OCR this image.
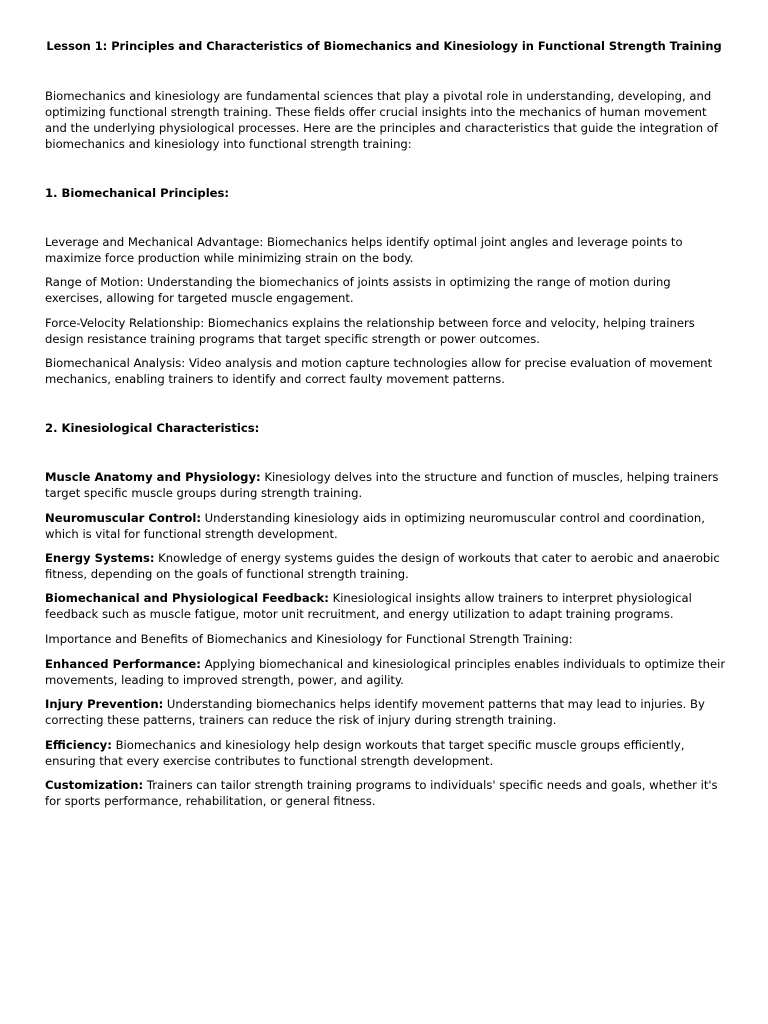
Lesson 1: Principles and Characteristics of Biomechanics and Kinesiology in Functional Strength Training

Biomechanics and kinesiology are fundamental sciences that play a pivotal role in understanding, developing, and optimizing functional strength training. These fields offer crucial insights into the mechanics of human movement and the underlying physiological processes. Here are the principles and characteristics that guide the integration of biomechanics and kinesiology into functional strength training:

1. Biomechanical Principles:

Leverage and Mechanical Advantage: Biomechanics helps identify optimal joint angles and leverage points to maximize force production while minimizing strain on the body.

Range of Motion: Understanding the biomechanics of joints assists in optimizing the range of motion during exercises, allowing for targeted muscle engagement.

Force-Velocity Relationship: Biomechanics explains the relationship between force and velocity, helping trainers design resistance training programs that target specific strength or power outcomes.

Biomechanical Analysis: Video analysis and motion capture technologies allow for precise evaluation of movement mechanics, enabling trainers to identify and correct faulty movement patterns.

2. Kinesiological Characteristics:

Muscle Anatomy and Physiology: Kinesiology delves into the structure and function of muscles, helping trainers target specific muscle groups during strength training.

Neuromuscular Control: Understanding kinesiology aids in optimizing neuromuscular control and coordination, which is vital for functional strength development.

Energy Systems: Knowledge of energy systems guides the design of workouts that cater to aerobic and anaerobic fitness, depending on the goals of functional strength training.

Biomechanical and Physiological Feedback: Kinesiological insights allow trainers to interpret physiological feedback such as muscle fatigue, motor unit recruitment, and energy utilization to adapt training programs.

Importance and Benefits of Biomechanics and Kinesiology for Functional Strength Training:

Enhanced Performance: Applying biomechanical and kinesiological principles enables individuals to optimize their movements, leading to improved strength, power, and agility.

Injury Prevention: Understanding biomechanics helps identify movement patterns that may lead to injuries. By correcting these patterns, trainers can reduce the risk of injury during strength training.

Efficiency: Biomechanics and kinesiology help design workouts that target specific muscle groups efficiently, ensuring that every exercise contributes to functional strength development.

Customization: Trainers can tailor strength training programs to individuals' specific needs and goals, whether it's for sports performance, rehabilitation, or general fitness.
